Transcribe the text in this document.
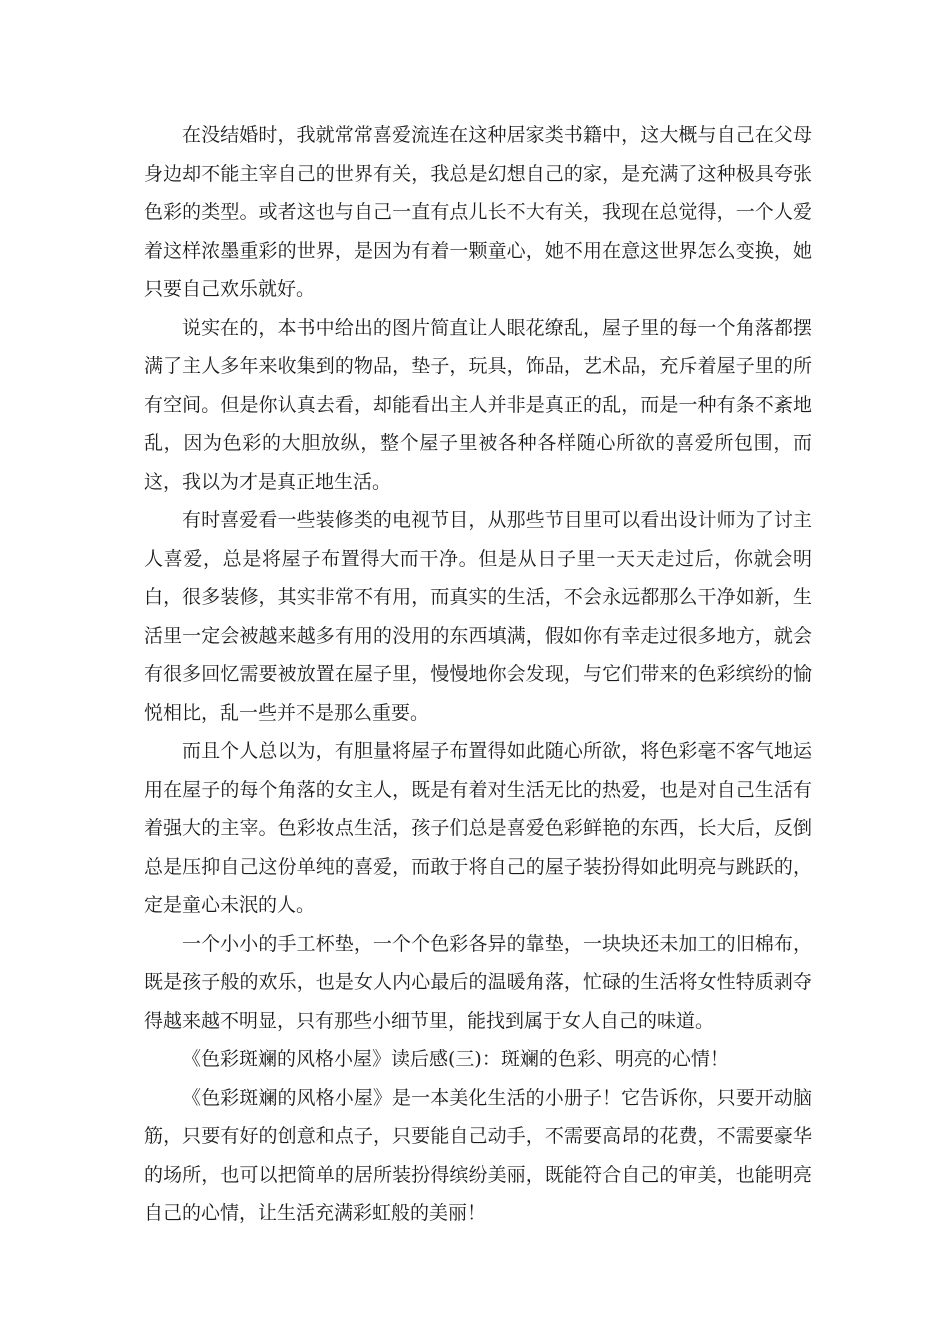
在没结婚时，我就常常喜爱流连在这种居家类书籍中，这大概与自己在父母身边却不能主宰自己的世界有关，我总是幻想自己的家，是充满了这种极具夸张色彩的类型。或者这也与自己一直有点儿长不大有关，我现在总觉得，一个人爱着这样浓墨重彩的世界，是因为有着一颗童心，她不用在意这世界怎么变换，她只要自己欢乐就好。

说实在的，本书中给出的图片简直让人眼花缭乱，屋子里的每一个角落都摆满了主人多年来收集到的物品，垫子，玩具，饰品，艺术品，充斥着屋子里的所有空间。但是你认真去看，却能看出主人并非是真正的乱，而是一种有条不紊地乱，因为色彩的大胆放纵，整个屋子里被各种各样随心所欲的喜爱所包围，而这，我以为才是真正地生活。

有时喜爱看一些装修类的电视节目，从那些节目里可以看出设计师为了讨主人喜爱，总是将屋子布置得大而干净。但是从日子里一天天走过后，你就会明白，很多装修，其实非常不有用，而真实的生活，不会永远都那么干净如新，生活里一定会被越来越多有用的没用的东西填满，假如你有幸走过很多地方，就会有很多回忆需要被放置在屋子里，慢慢地你会发现，与它们带来的色彩缤纷的愉悦相比，乱一些并不是那么重要。

而且个人总以为，有胆量将屋子布置得如此随心所欲，将色彩毫不客气地运用在屋子的每个角落的女主人，既是有着对生活无比的热爱，也是对自己生活有着强大的主宰。色彩妆点生活，孩子们总是喜爱色彩鲜艳的东西，长大后，反倒总是压抑自己这份单纯的喜爱，而敢于将自己的屋子装扮得如此明亮与跳跃的，定是童心未泯的人。

一个小小的手工杯垫，一个个色彩各异的靠垫，一块块还未加工的旧棉布，既是孩子般的欢乐，也是女人内心最后的温暖角落，忙碌的生活将女性特质剥夺得越来越不明显，只有那些小细节里，能找到属于女人自己的味道。

《色彩斑斓的风格小屋》读后感(三)：斑斓的色彩、明亮的心情！

《色彩斑斓的风格小屋》是一本美化生活的小册子！它告诉你，只要开动脑筋，只要有好的创意和点子，只要能自己动手，不需要高昂的花费，不需要豪华的场所，也可以把简单的居所装扮得缤纷美丽，既能符合自己的审美，也能明亮自己的心情，让生活充满彩虹般的美丽！
